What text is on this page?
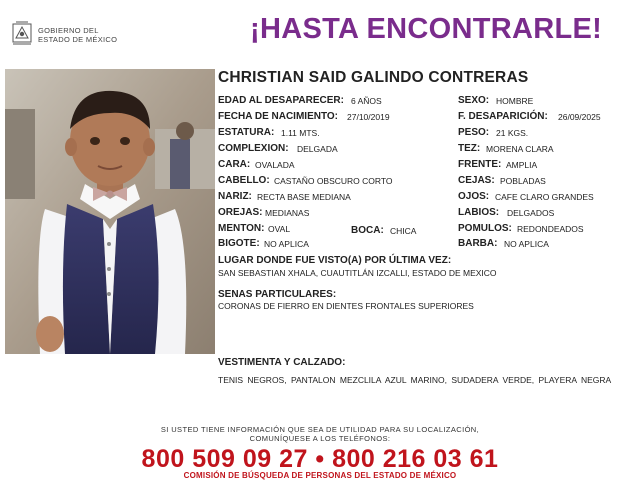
GOBIERNO DEL
ESTADO DE MÉXICO	¡HASTA ENCONTRARLE!
CHRISTIAN SAID GALINDO CONTRERAS
EDAD AL DESAPARECER: 6 AÑOS
FECHA DE NACIMIENTO: 27/10/2019
ESTATURA: 1.11 MTS.
COMPLEXION: DELGADA
CARA: OVALADA
CABELLO: CASTAÑO OBSCURO CORTO
NARIZ: RECTA BASE MEDIANA
OREJAS: MEDIANAS
MENTON: OVAL	BOCA: CHICA
BIGOTE: NO APLICA
SEXO: HOMBRE
F. DESAPARICIÓN: 26/09/2025
PESO: 21 KGS.
TEZ: MORENA CLARA
FRENTE: AMPLIA
CEJAS: POBLADAS
OJOS: CAFE CLARO GRANDES
LABIOS: DELGADOS
POMULOS: REDONDEADOS
BARBA: NO APLICA
LUGAR DONDE FUE VISTO(A) POR ÚLTIMA VEZ:
SAN SEBASTIAN XHALA, CUAUTITLÁN IZCALLI, ESTADO DE MEXICO
SENAS PARTICULARES:
CORONAS DE FIERRO EN DIENTES FRONTALES SUPERIORES
VESTIMENTA Y CALZADO:
TENIS NEGROS, PANTALON MEZCLILA AZUL MARINO, SUDADERA VERDE, PLAYERA NEGRA
SI USTED TIENE INFORMACIÓN QUE SEA DE UTILIDAD PARA SU LOCALIZACIÓN,
COMUNÍQUESE A LOS TELÉFONOS:
800 509 09 27 • 800 216 03 61
COMISIÓN DE BÚSQUEDA DE PERSONAS DEL ESTADO DE MÉXICO
